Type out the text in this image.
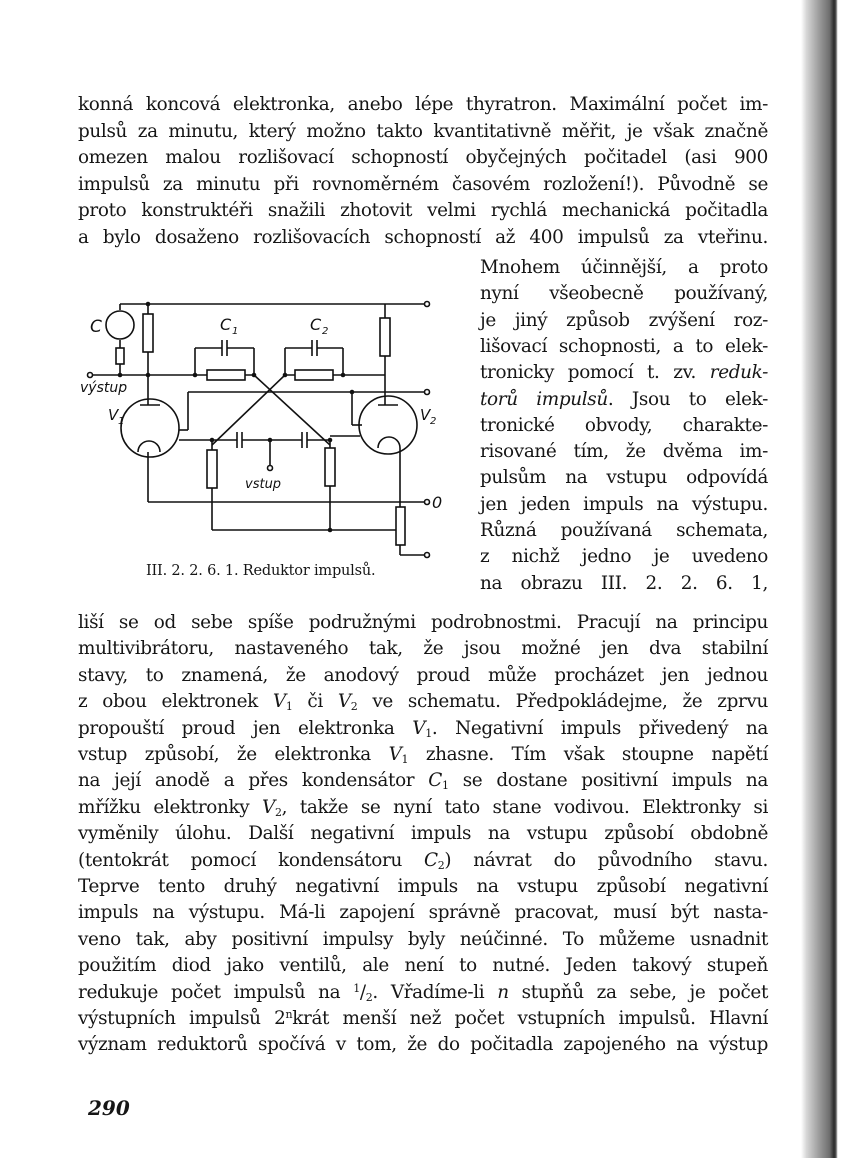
C	C 1	C 2
výstup
V 1	V 2
vstup
0
III. 2. 2. 6. 1. Reduktor impulsů.
290
konná koncová elektronka, anebo lépe thyratron. Maximální počet im-
pulsů za minutu, který možno takto kvantitativně měřit, je však značně
omezen malou rozlišovací schopností obyčejných počitadel (asi 900
impulsů za minutu při rovnoměrném časovém rozložení!). Původně se
proto konstruktéři snažili zhotovit velmi rychlá mechanická počitadla
a bylo dosaženo rozlišovacích schopností až 400 impulsů za vteřinu.
Mnohem účinnější, a proto
nyní všeobecně používaný,
je jiný způsob zvýšení roz-
lišovací schopnosti, a to elek-
tronicky pomocí t. zv. reduk-
torů impulsů. Jsou to elek-
tronické obvody, charakte-
risované tím, že dvěma im-
pulsům na vstupu odpovídá
jen jeden impuls na výstupu.
Různá používaná schemata,
z nichž jedno je uvedeno
na obrazu III. 2. 2. 6. 1,
liší se od sebe spíše podružnými podrobnostmi. Pracují na principu
multivibrátoru, nastaveného tak, že jsou možné jen dva stabilní
stavy, to znamená, že anodový proud může procházet jen jednou
z obou elektronek $V_1$ či $V_2$ ve schematu. Předpokládejme, že zprvu
propouští proud jen elektronka $V_1$. Negativní impuls přivedený na
vstup způsobí, že elektronka $V_1$ zhasne. Tím však stoupne napětí
na její anodě a přes kondensátor $C_1$ se dostane positivní impuls na
mřížku elektronky $V_2$, takže se nyní tato stane vodivou. Elektronky si
vyměnily úlohu. Další negativní impuls na vstupu způsobí obdobně
(tentokrát pomocí kondensátoru $C_2$) návrat do původního stavu.
Teprve tento druhý negativní impuls na vstupu způsobí negativní
impuls na výstupu. Má-li zapojení správně pracovat, musí být nasta-
veno tak, aby positivní impulsy byly neúčinné. To můžeme usnadnit
použitím diod jako ventilů, ale není to nutné. Jeden takový stupeň
redukuje počet impulsů na $^1/_2$. Vřadíme-li n stupňů za sebe, je počet
výstupních impulsů 2$^n$krát menší než počet vstupních impulsů. Hlavní
význam reduktorů spočívá v tom, že do počitadla zapojeného na výstup
